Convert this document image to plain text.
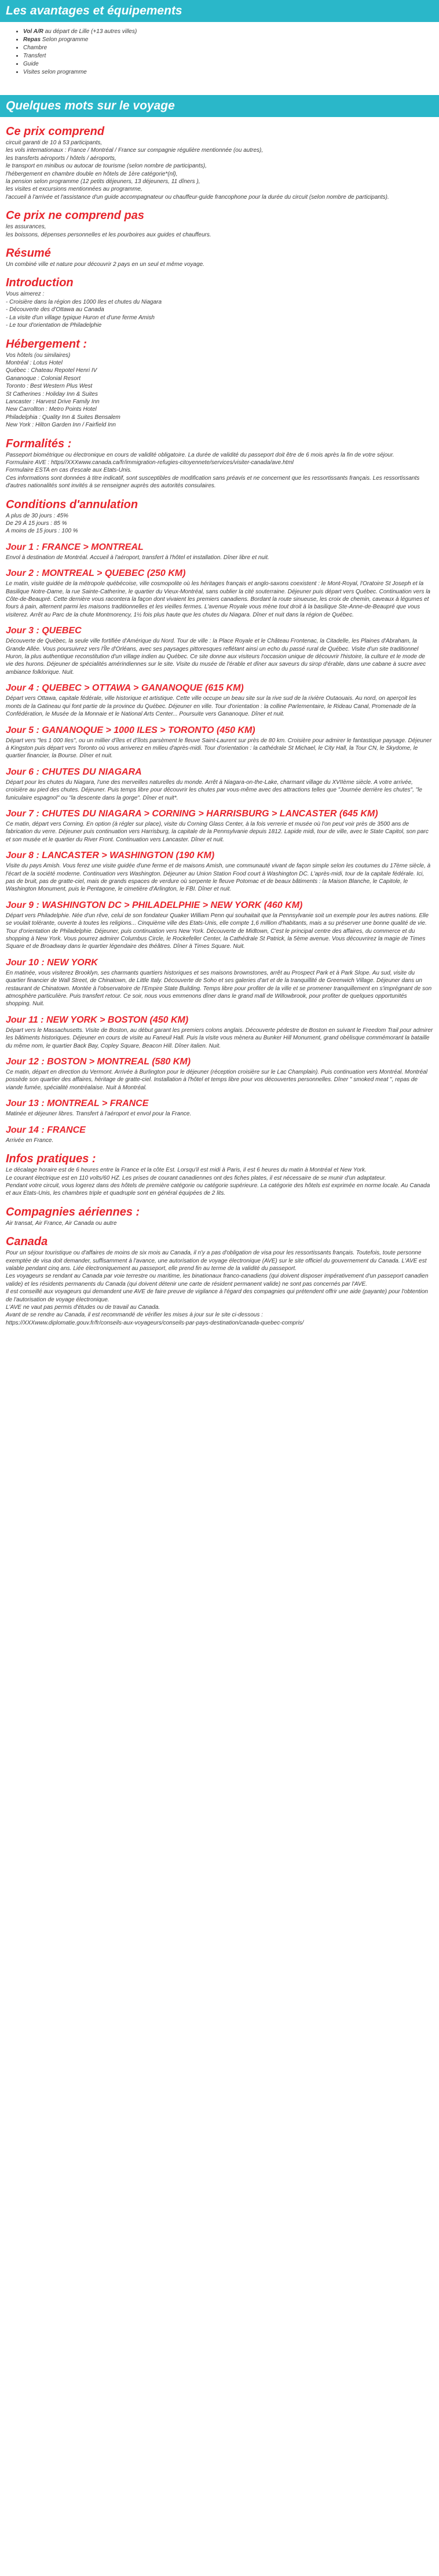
Les avantages et équipements
• Vol A/R au départ de Lille (+13 autres villes)
• Repas Selon programme
• Chambre
• Transfert
• Guide
• Visites selon programme
Quelques mots sur le voyage
Ce prix comprend
circuit garanti de 10 à 53 participants,
les vols internationaux : France / Montréal / France sur compagnie régulière mentionnée (ou autres),
les transferts aéroports / hôtels / aéroports,
le transport en minibus ou autocar de tourisme (selon nombre de participants),
l'hébergement en chambre double en hôtels de 1ère catégorie*(nl),
la pension selon programme (12 petits déjeuners, 13 déjeuners, 11 dîners ),
les visites et excursions mentionnées au programme,
l'accueil à l'arrivée et l'assistance d'un guide accompagnateur ou chauffeur-guide francophone pour la durée du circuit (selon nombre de participants).
Ce prix ne comprend pas
les assurances,
les boissons, dépenses personnelles et les pourboires aux guides et chauffeurs.
Résumé

Un combiné ville et nature pour découvrir 2 pays en un seul et même voyage.

Introduction
Vous aimerez :
- Croisière dans la région des 1000 Iles et chutes du Niagara
- Découverte des d'Ottawa au Canada
- La visite d'un village typique Huron et d'une ferme Amish
- Le tour d'orientation de Philadelphie
Hébergement :
Vos hôtels (ou similaires)
Montréal : Lotus Hotel
Québec : Chateau Repotel Henri IV
Gananoque : Colonial Resort
Toronto : Best Western Plus West
St Catherines : Holiday Inn & Suites
Lancaster : Harvest Drive Family Inn
New Carrollton : Metro Points Hotel
Philadelphia : Quality Inn & Suites Bensalem
New York : Hilton Garden Inn / Fairfield Inn
Formalités :
Passeport biométrique ou électronique en cours de validité obligatoire. La durée de validité du passeport doit être de 6 mois après la fin de votre séjour.
Formulaire AVE : https//XXXwww.canada.ca/fr/immigration-refugies-citoyennete/services/visiter-canada/ave.html
Formulaire ESTA en cas d'escale aux Etats-Unis.
Ces informations sont données à titre indicatif, sont susceptibles de modification sans préavis et ne concernent que les ressortissants français. Les ressortissants d'autres nationalités sont invités à se renseigner auprès des autorités consulaires.
Conditions d'annulation
A plus de 30 jours : 45%
De 29 À 15 jours : 85 %
A moins de 15 jours : 100 %
Jour 1 : FRANCE > MONTREAL

Envol à destination de Montréal. Accueil à l'aéroport, transfert à l'hôtel et installation. Dîner libre et nuit.

Jour 2 : MONTREAL > QUEBEC (250 KM)

Le matin, visite guidée de la métropole québécoise, ville cosmopolite où les héritages français et anglo-saxons coexistent : le Mont-Royal, l'Oratoire St Joseph et la Basilique Notre-Dame, la rue Sainte-Catherine, le quartier du Vieux-Montréal, sans oublier la cité souterraine. Déjeuner puis départ vers Québec. Continuation vers la Côte-de-Beaupré. Cette dernière vous racontera la façon dont vivaient les premiers canadiens. Bordant la route sinueuse, les croix de chemin, caveaux à légumes et fours à pain, alternent parmi les maisons traditionnelles et les vieilles fermes. L'avenue Royale vous mène tout droit à la basilique Ste-Anne-de-Beaupré que vous visiterez. Arrêt au Parc de la chute Montmorency, 1½ fois plus haute que les chutes du Niagara. Dîner et nuit dans la région de Québec.

Jour 3 : QUEBEC

Découverte de Québec, la seule ville fortifiée d'Amérique du Nord. Tour de ville : la Place Royale et le Château Frontenac, la Citadelle, les Plaines d'Abraham, la Grande Allée. Vous poursuivrez vers l'Île d'Orléans, avec ses paysages pittoresques reflétant ainsi un echo du passé rural de Québec. Visite d'un site traditionnel Huron, la plus authentique reconstitution d'un village indien au Québec. Ce site donne aux visiteurs l'occasion unique de découvrir l'histoire, la culture et le mode de vie des hurons. Déjeuner de spécialités amérindiennes sur le site. Visite du musée de l'érable et dîner aux saveurs du sirop d'érable, dans une cabane à sucre avec ambiance folklorique. Nuit.

Jour 4 : QUEBEC > OTTAWA > GANANOQUE (615 KM)

Départ vers Ottawa, capitale fédérale, ville historique et artistique. Cette ville occupe un beau site sur la rive sud de la rivière Outaouais. Au nord, on aperçoit les monts de la Gatineau qui font partie de la province du Québec. Déjeuner en ville. Tour d'orientation : la colline Parlementaire, le Rideau Canal, Promenade de la Confédération, le Musée de la Monnaie et le National Arts Center... Poursuite vers Gananoque. Dîner et nuit.

Jour 5 : GANANOQUE > 1000 ILES > TORONTO (450 KM)

Départ vers "les 1 000 Iles", ou un millier d'îles et d'îlots parsèment le fleuve Saint-Laurent sur près de 80 km. Croisière pour admirer le fantastique paysage. Déjeuner à Kingston puis départ vers Toronto où vous arriverez en milieu d'après-midi. Tour d'orientation : la cathédrale St Michael, le City Hall, la Tour CN, le Skydome, le quartier financier, la Bourse. Dîner et nuit.

Jour 6 : CHUTES DU NIAGARA

Départ pour les chutes du Niagara, l'une des merveilles naturelles du monde. Arrêt à Niagara-on-the-Lake, charmant village du XVIIème siècle. A votre arrivée, croisière au pied des chutes. Déjeuner. Puis temps libre pour découvrir les chutes par vous-même avec des attractions telles que "Journée derrière les chutes", "le funiculaire espagnol" ou "la descente dans la gorge". Dîner et nuit*.

Jour 7 : CHUTES DU NIAGARA > CORNING > HARRISBURG > LANCASTER (645 KM)

Ce matin, départ vers Corning. En option (à régler sur place), visite du Corning Glass Center, à la fois verrerie et musée où l'on peut voir près de 3500 ans de fabrication du verre. Déjeuner puis continuation vers Harrisburg, la capitale de la Pennsylvanie depuis 1812. Lapide midi, tour de ville, avec le State Capitol, son parc et son musée et le quartier du River Front. Continuation vers Lancaster. Dîner et nuit.

Jour 8 : LANCASTER > WASHINGTON (190 KM)

Visite du pays Amish. Vous ferez une visite guidée d'une ferme et de maisons Amish, une communauté vivant de façon simple selon les coutumes du 17ème siècle, à l'écart de la société moderne. Continuation vers Washington. Déjeuner au Union Station Food court à Washington DC. L'après-midi, tour de la capitale fédérale. Ici, pas de bruit, pas de gratte-ciel, mais de grands espaces de verdure où serpente le fleuve Potomac et de beaux bâtiments : la Maison Blanche, le Capitole, le Washington Monument, puis le Pentagone, le cimetière d'Arlington, le FBI. Dîner et nuit.

Jour 9 : WASHINGTON DC > PHILADELPHIE > NEW YORK (460 KM)

Départ vers Philadelphie. Née d'un rêve, celui de son fondateur Quaker William Penn qui souhaitait que la Pennsylvanie soit un exemple pour les autres nations. Elle se voulait tolérante, ouverte à toutes les religions... Cinquième ville des Etats-Unis, elle compte 1,6 million d'habitants, mais a su préserver une bonne qualité de vie. Tour d'orientation de Philadelphie. Déjeuner, puis continuation vers New York. Découverte de Midtown, C'est le principal centre des affaires, du commerce et du shopping à New York. Vous pourrez admirer Columbus Circle, le Rockefeller Center, la Cathédrale St Patrick, la 5ème avenue. Vous découvrirez la magie de Times Square et de Broadway dans le quartier légendaire des théâtres. Dîner à Times Square. Nuit.

Jour 10 : NEW YORK

En matinée, vous visiterez Brooklyn, ses charmants quartiers historiques et ses maisons brownstones, arrêt au Prospect Park et à Park Slope. Au sud, visite du quartier financier de Wall Street, de Chinatown, de Little Italy. Découverte de Soho et ses galeries d'art et de la tranquillité de Greenwich Village. Déjeuner dans un restaurant de Chinatown. Montée à l'observatoire de l'Empire State Building. Temps libre pour profiter de la ville et se promener tranquillement en s'imprégnant de son atmosphère particulière. Puis transfert retour. Ce soir, nous vous emmenons dîner dans le grand mall de Willowbrook, pour profiter de quelques opportunités shopping. Nuit.

Jour 11 : NEW YORK > BOSTON (450 KM)

Départ vers le Massachusetts. Visite de Boston, au début garant les premiers colons anglais. Découverte pédestre de Boston en suivant le Freedom Trail pour admirer les bâtiments historiques. Déjeuner en cours de visite au Faneuil Hall. Puis la visite vous mènera au Bunker Hill Monument, grand obélisque commémorant la bataille du même nom, le quartier Back Bay, Copley Square, Beacon Hill. Dîner italien. Nuit.

Jour 12 : BOSTON > MONTREAL (580 KM)

Ce matin, départ en direction du Vermont. Arrivée à Burlington pour le déjeuner (réception croisière sur le Lac Champlain). Puis continuation vers Montréal. Montréal possède son quartier des affaires, héritage de gratte-ciel. Installation à l'hôtel et temps libre pour vos découvertes personnelles. Dîner " smoked meat ", repas de viande fumée, spécialité montréalaise. Nuit à Montréal.

Jour 13 : MONTREAL > FRANCE

Matinée et déjeuner libres. Transfert à l'aéroport et envol pour la France.

Jour 14 : FRANCE

Arrivée en France.

Infos pratiques :
Le décalage horaire est de 6 heures entre la France et la côte Est. Lorsqu'il est midi à Paris, il est 6 heures du matin à Montréal et New York.
Le courant électrique est en 110 volts/60 HZ. Les prises de courant canadiennes ont des fiches plates, il est nécessaire de se munir d'un adaptateur.
Pendant votre circuit, vous logerez dans des hôtels de première catégorie ou catégorie supérieure. La catégorie des hôtels est exprimée en norme locale. Au Canada et aux Etats-Unis, les chambres triple et quadruple sont en général équipées de 2 lits.
Compagnies aériennes :

Air transat, Air France, Air Canada ou autre

Canada
Pour un séjour touristique ou d'affaires de moins de six mois au Canada, il n'y a pas d'obligation de visa pour les ressortissants français. Toutefois, toute personne exemptée de visa doit demander, suffisamment à l'avance, une autorisation de voyage électronique (AVE) sur le site officiel du gouvernement du Canada. L'AVE est valable pendant cinq ans. Liée électroniquement au passeport, elle prend fin au terme de la validité du passeport.
Les voyageurs se rendant au Canada par voie terrestre ou maritime, les binationaux franco-canadiens (qui doivent disposer impérativement d'un passeport canadien valide) et les résidents permanents du Canada (qui doivent détenir une carte de résident permanent valide) ne sont pas concernés par l'AVE.
Il est conseillé aux voyageurs qui demandent une AVE de faire preuve de vigilance à l'égard des compagnies qui prétendent offrir une aide (payante) pour l'obtention de l'autorisation de voyage électronique.
L'AVE ne vaut pas permis d'études ou de travail au Canada.
Avant de se rendre au Canada, il est recommandé de vérifier les mises à jour sur le site ci-dessous :
https://XXXwww.diplomatie.gouv.fr/fr/conseils-aux-voyageurs/conseils-par-pays-destination/canada-quebec-compris/
